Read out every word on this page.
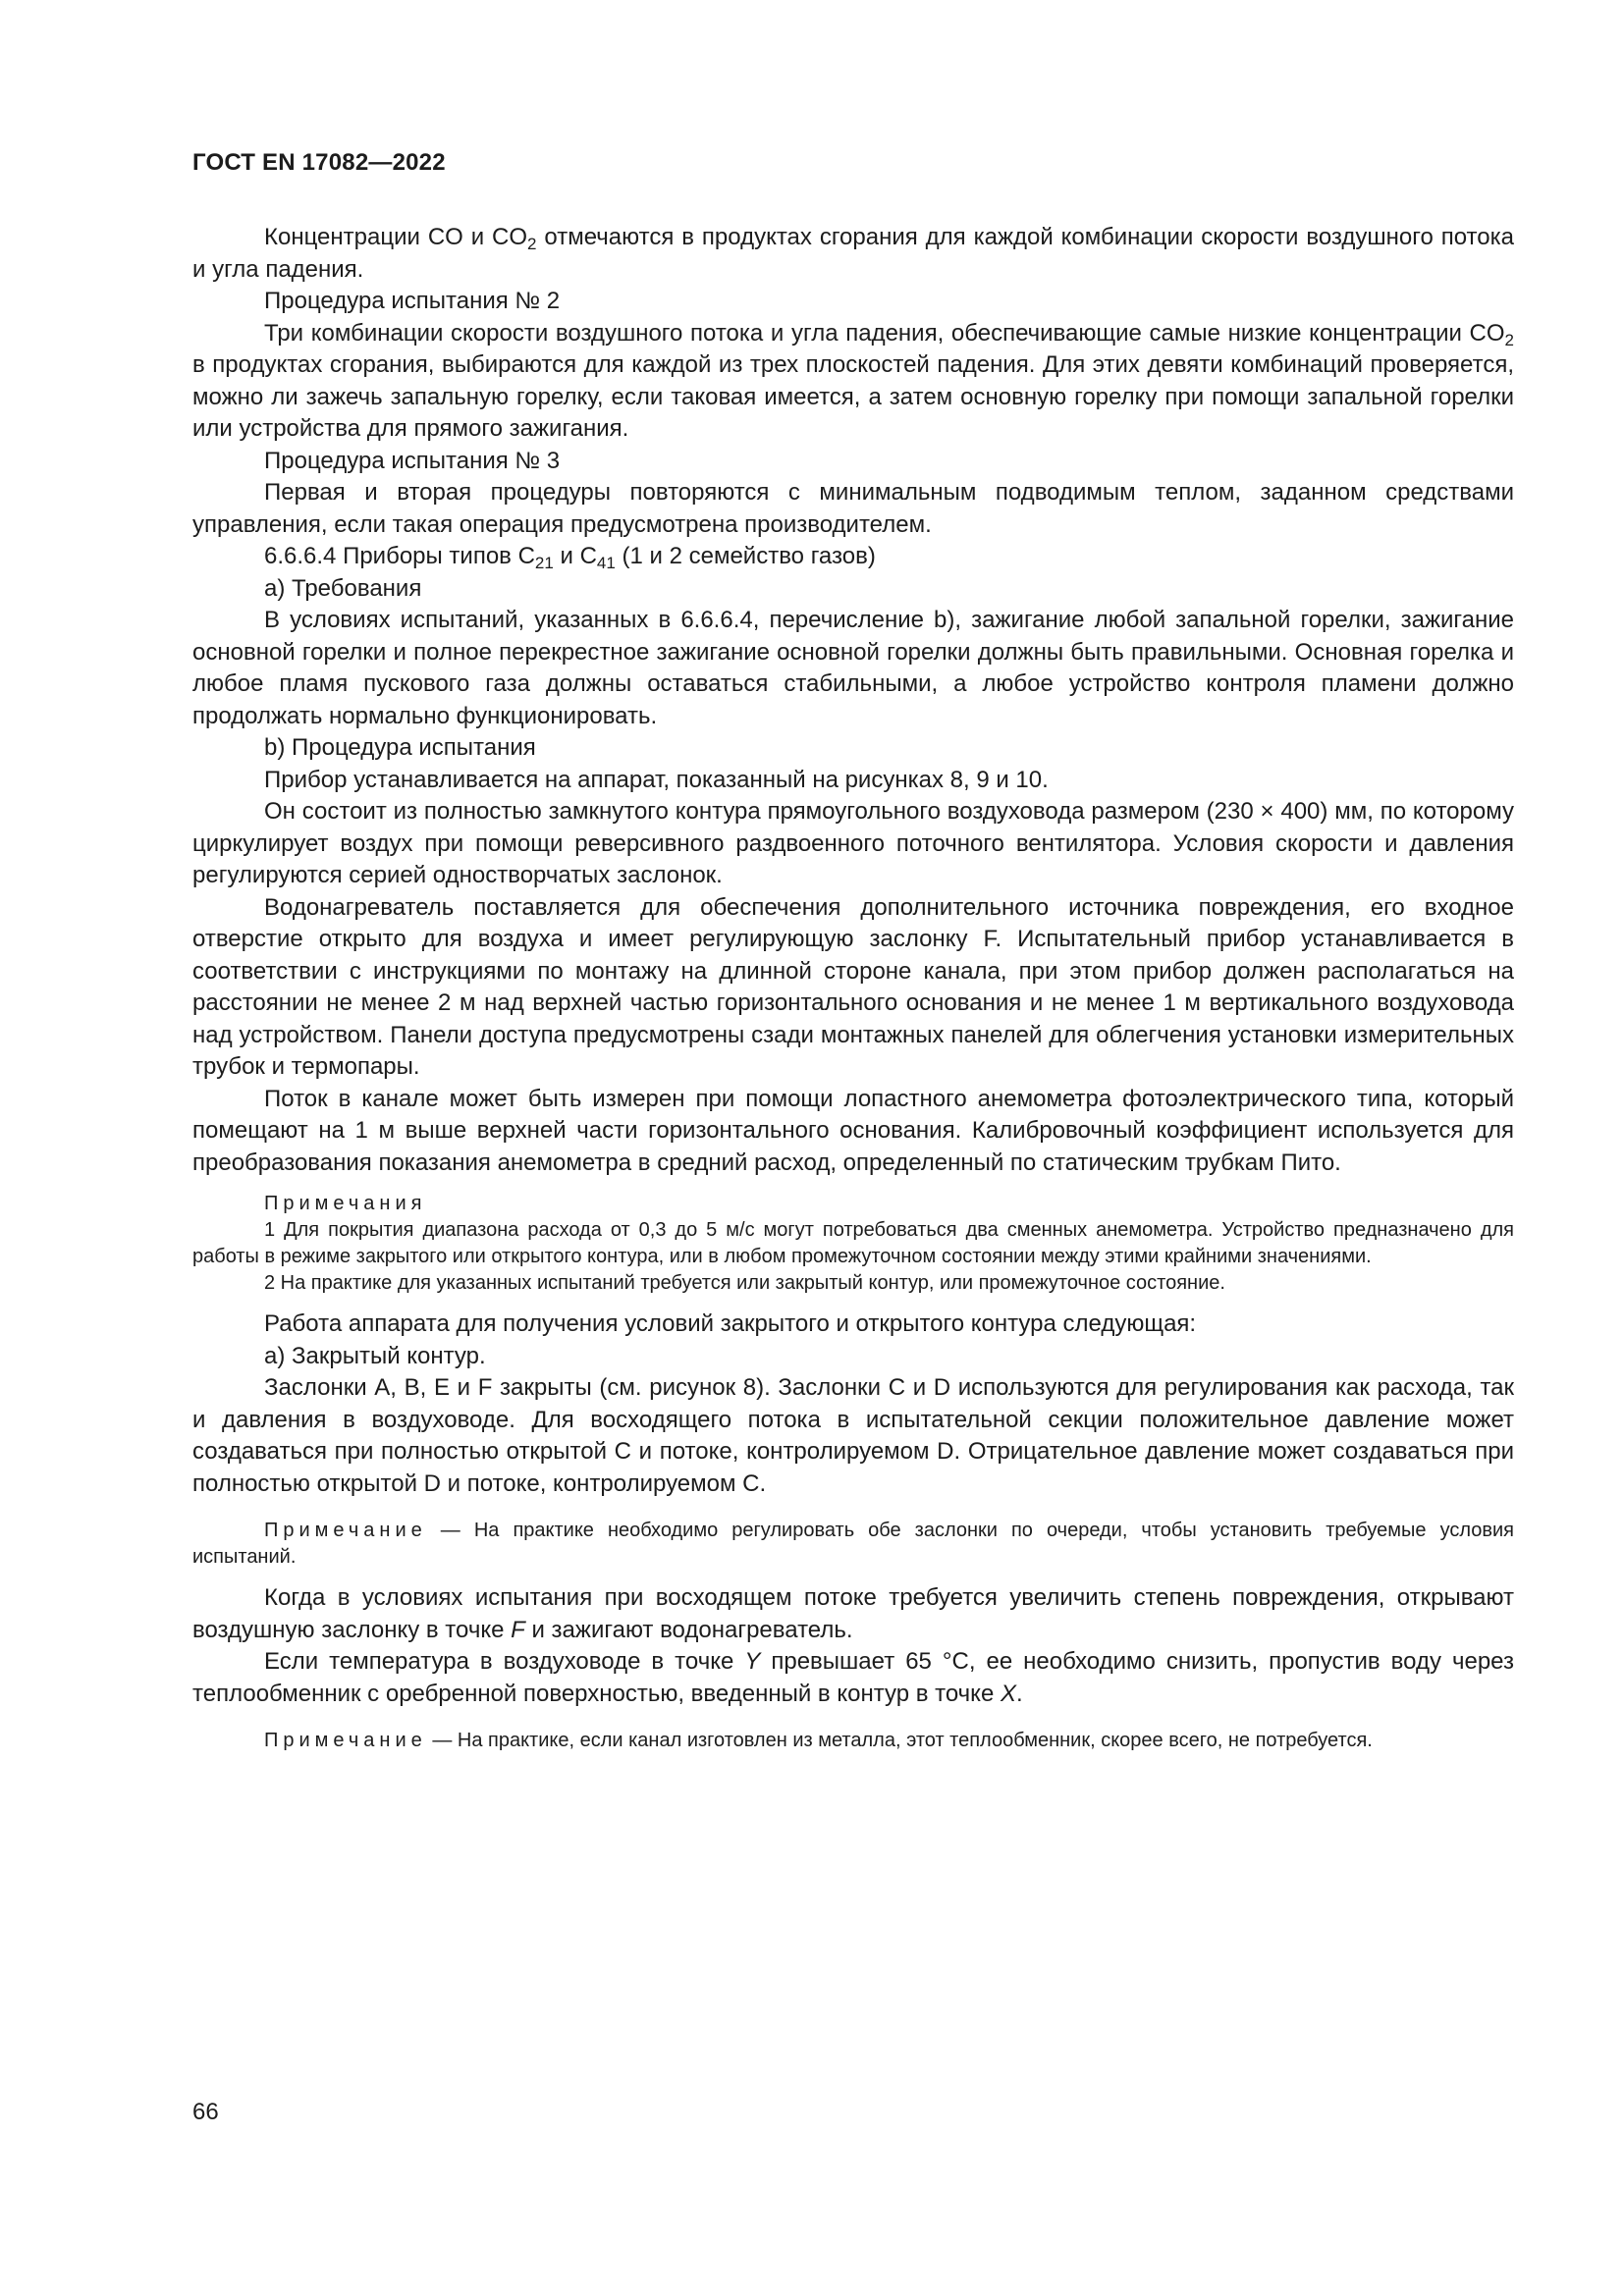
ГОСТ EN 17082—2022

Концентрации CO и $CO_2$ отмечаются в продуктах сгорания для каждой комбинации скорости воздушного потока и угла падения.

Процедура испытания № 2

Три комбинации скорости воздушного потока и угла падения, обеспечивающие самые низкие концентрации $CO_2$ в продуктах сгорания, выбираются для каждой из трех плоскостей падения. Для этих девяти комбинаций проверяется, можно ли зажечь запальную горелку, если таковая имеется, а затем основную горелку при помощи запальной горелки или устройства для прямого зажигания.

Процедура испытания № 3

Первая и вторая процедуры повторяются с минимальным подводимым теплом, заданном средствами управления, если такая операция предусмотрена производителем.

6.6.6.4 Приборы типов $C_{21}$ и $C_{41}$ (1 и 2 семейство газов)

a) Требования

В условиях испытаний, указанных в 6.6.6.4, перечисление b), зажигание любой запальной горелки, зажигание основной горелки и полное перекрестное зажигание основной горелки должны быть правильными. Основная горелка и любое пламя пускового газа должны оставаться стабильными, а любое устройство контроля пламени должно продолжать нормально функционировать.

b) Процедура испытания

Прибор устанавливается на аппарат, показанный на рисунках 8, 9 и 10.

Он состоит из полностью замкнутого контура прямоугольного воздуховода размером (230 × 400) мм, по которому циркулирует воздух при помощи реверсивного раздвоенного поточного вентилятора. Условия скорости и давления регулируются серией одностворчатых заслонок.

Водонагреватель поставляется для обеспечения дополнительного источника повреждения, его входное отверстие открыто для воздуха и имеет регулирующую заслонку F. Испытательный прибор устанавливается в соответствии с инструкциями по монтажу на длинной стороне канала, при этом прибор должен располагаться на расстоянии не менее 2 м над верхней частью горизонтального основания и не менее 1 м вертикального воздуховода над устройством. Панели доступа предусмотрены сзади монтажных панелей для облегчения установки измерительных трубок и термопары.

Поток в канале может быть измерен при помощи лопастного анемометра фотоэлектрического типа, который помещают на 1 м выше верхней части горизонтального основания. Калибровочный коэффициент используется для преобразования показания анемометра в средний расход, определенный по статическим трубкам Пито.

Примечания

1 Для покрытия диапазона расхода от 0,3 до 5 м/с могут потребоваться два сменных анемометра. Устройство предназначено для работы в режиме закрытого или открытого контура, или в любом промежуточном состоянии между этими крайними значениями.

2 На практике для указанных испытаний требуется или закрытый контур, или промежуточное состояние.

Работа аппарата для получения условий закрытого и открытого контура следующая:

a) Закрытый контур.

Заслонки A, B, E и F закрыты (см. рисунок 8). Заслонки C и D используются для регулирования как расхода, так и давления в воздуховоде. Для восходящего потока в испытательной секции положительное давление может создаваться при полностью открытой C и потоке, контролируемом D. Отрицательное давление может создаваться при полностью открытой D и потоке, контролируемом C.

Примечание — На практике необходимо регулировать обе заслонки по очереди, чтобы установить требуемые условия испытаний.

Когда в условиях испытания при восходящем потоке требуется увеличить степень повреждения, открывают воздушную заслонку в точке F и зажигают водонагреватель.

Если температура в воздуховоде в точке Y превышает 65 °С, ее необходимо снизить, пропустив воду через теплообменник с оребренной поверхностью, введенный в контур в точке X.

Примечание — На практике, если канал изготовлен из металла, этот теплообменник, скорее всего, не потребуется.

66
